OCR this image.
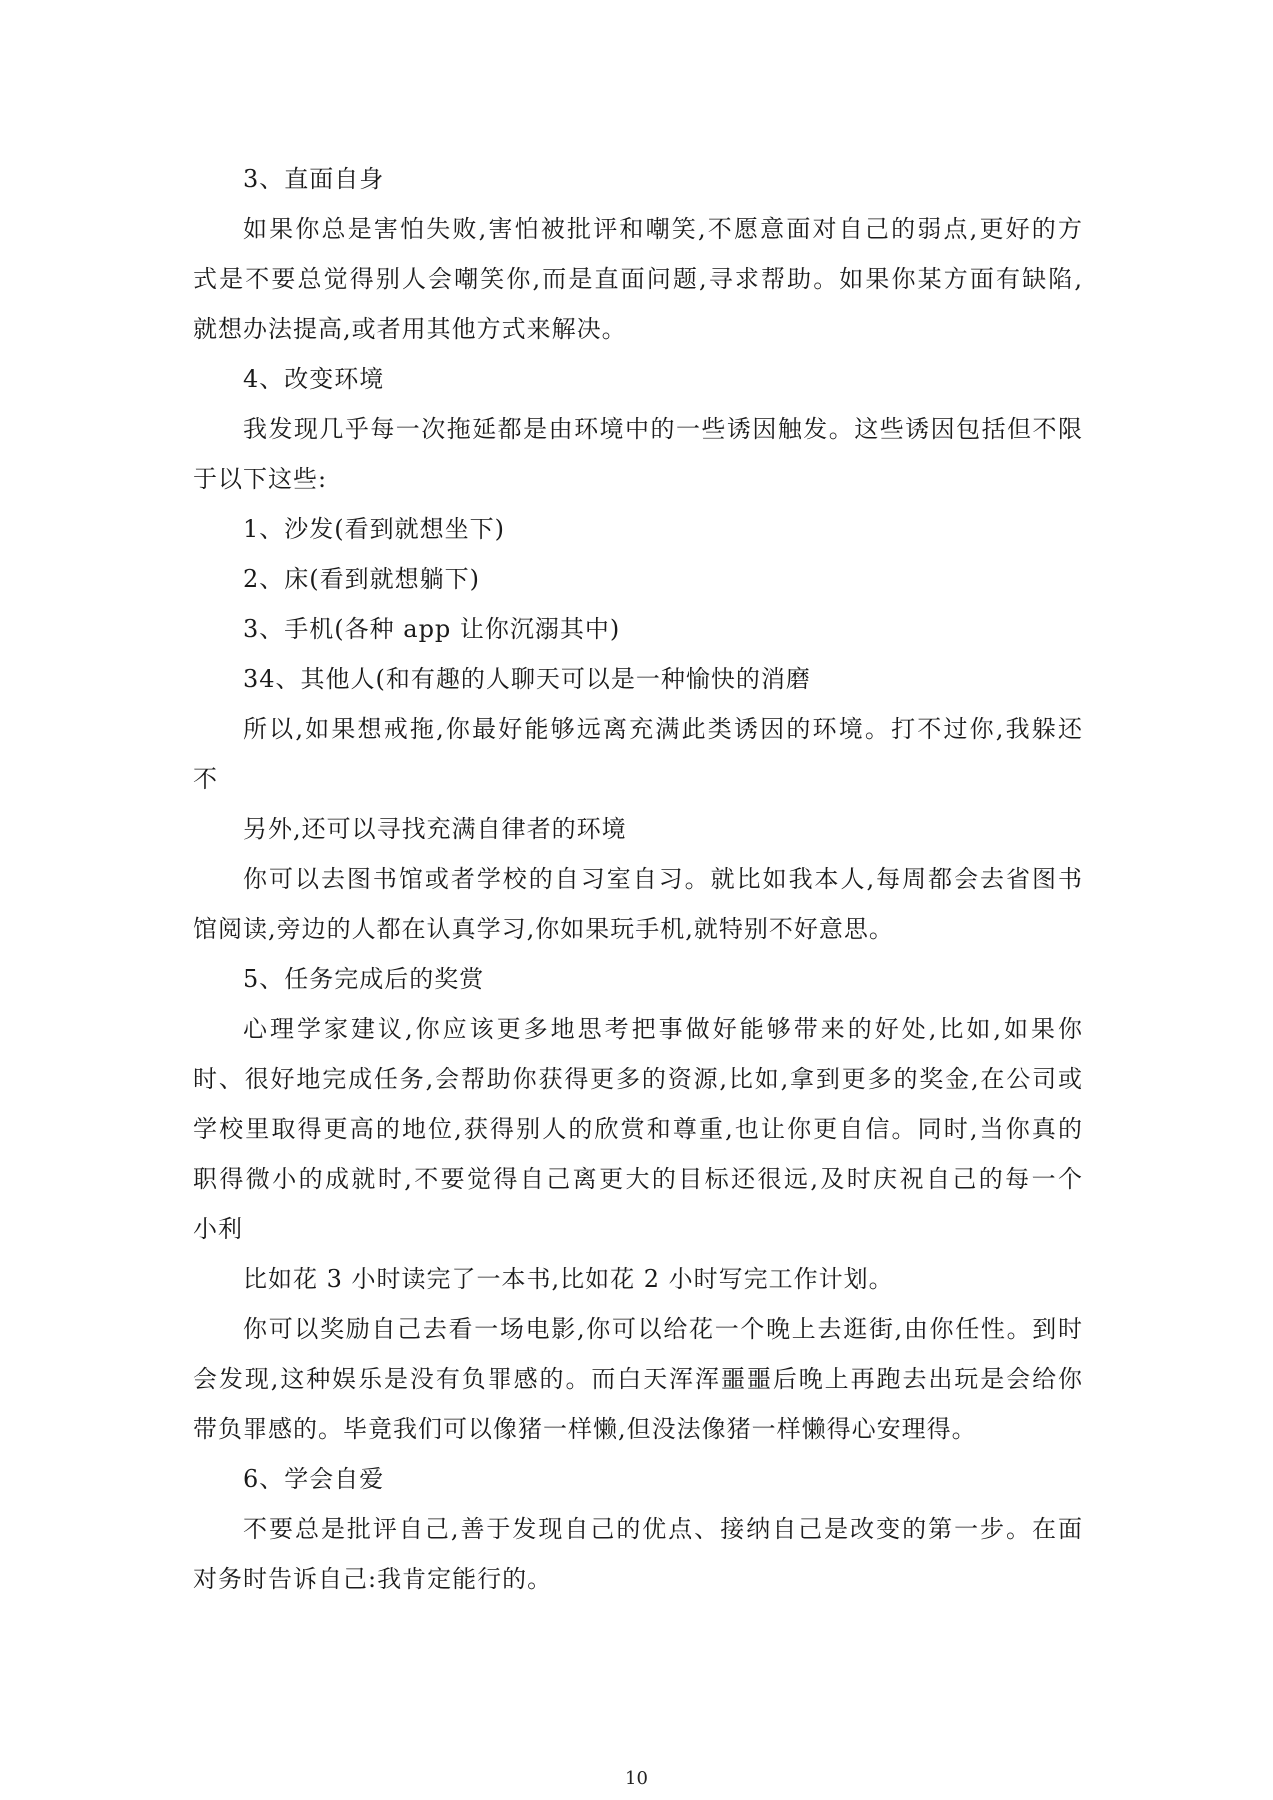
3、直面自身
如果你总是害怕失败,害怕被批评和嘲笑,不愿意面对自己的弱点,更好的方
式是不要总觉得别人会嘲笑你,而是直面问题,寻求帮助。如果你某方面有缺陷,
就想办法提高,或者用其他方式来解决。
4、改变环境
我发现几乎每一次拖延都是由环境中的一些诱因触发。这些诱因包括但不限
于以下这些:
1、沙发(看到就想坐下)
2、床(看到就想躺下)
3、手机(各种 app 让你沉溺其中)
34、其他人(和有趣的人聊天可以是一种愉快的消磨
所以,如果想戒拖,你最好能够远离充满此类诱因的环境。打不过你,我躲还
不
另外,还可以寻找充满自律者的环境
你可以去图书馆或者学校的自习室自习。就比如我本人,每周都会去省图书
馆阅读,旁边的人都在认真学习,你如果玩手机,就特别不好意思。
5、任务完成后的奖赏
心理学家建议,你应该更多地思考把事做好能够带来的好处,比如,如果你
时、很好地完成任务,会帮助你获得更多的资源,比如,拿到更多的奖金,在公司或
学校里取得更高的地位,获得别人的欣赏和尊重,也让你更自信。同时,当你真的
职得微小的成就时,不要觉得自己离更大的目标还很远,及时庆祝自己的每一个
小利
比如花 3 小时读完了一本书,比如花 2 小时写完工作计划。
你可以奖励自己去看一场电影,你可以给花一个晚上去逛街,由你任性。到时
会发现,这种娱乐是没有负罪感的。而白天浑浑噩噩后晚上再跑去出玩是会给你
带负罪感的。毕竟我们可以像猪一样懒,但没法像猪一样懒得心安理得。
6、学会自爱
不要总是批评自己,善于发现自己的优点、接纳自己是改变的第一步。在面
对务时告诉自己:我肯定能行的。
10
